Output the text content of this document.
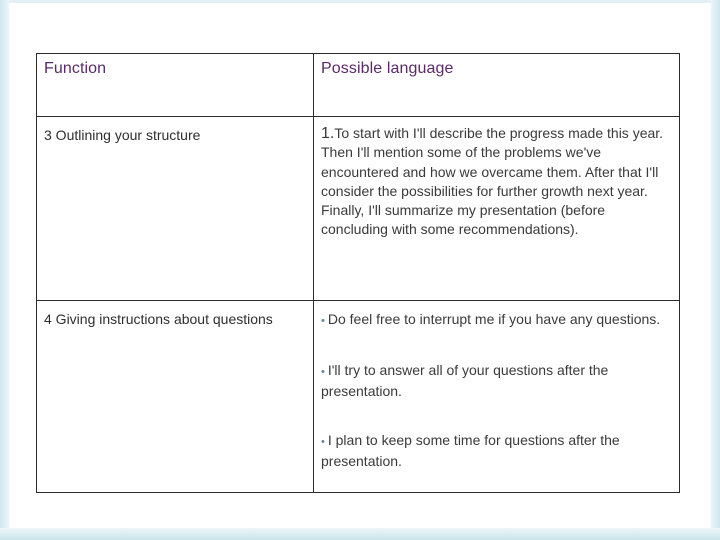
Function	Possible language

3 Outlining your structure	1.To start with I'll describe the progress made this year. Then I'll mention some of the problems we've encountered and how we overcame them. After that I'll consider the possibilities for further growth next year. Finally, I'll summarize my presentation (before concluding with some recommendations).

4 Giving instructions about questions	• Do feel free to interrupt me if you have any questions.
• I'll try to answer all of your questions after the presentation.
• I plan to keep some time for questions after the presentation.
